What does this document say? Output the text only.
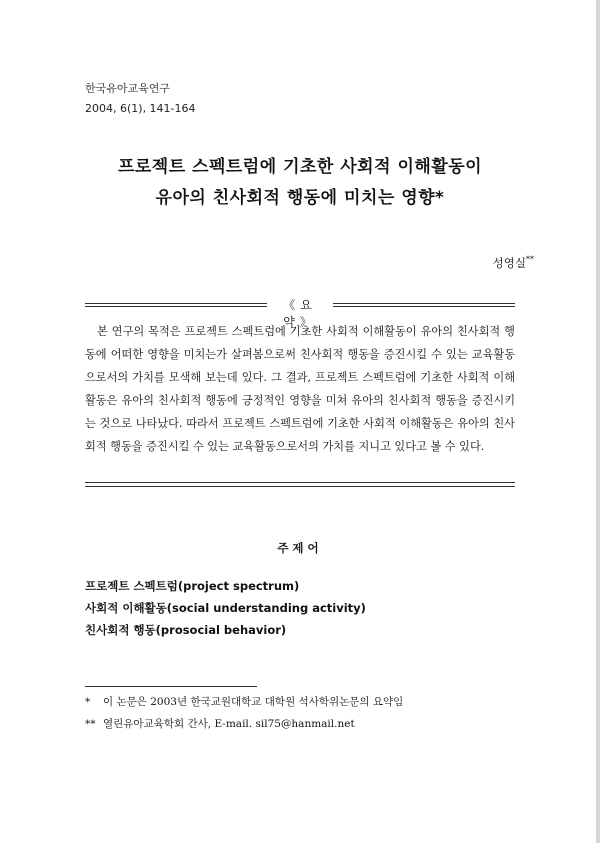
한국유아교육연구
2004, 6(1), 141-164
프로젝트 스펙트럼에 기초한 사회적 이해활동이
유아의 친사회적 행동에 미치는 영향*
성영실**
《요 약》
본 연구의 목적은 프로젝트 스펙트럼에 기초한 사회적 이해활동이 유아의 친사회적 행동에 어떠한 영향을 미치는가 살펴봄으로써 친사회적 행동을 증진시킬 수 있는 교육활동으로서의 가치를 모색해 보는데 있다. 그 결과, 프로젝트 스펙트럼에 기초한 사회적 이해활동은 유아의 친사회적 행동에 긍정적인 영향을 미쳐 유아의 친사회적 행동을 증진시키는 것으로 나타났다. 따라서 프로젝트 스펙트럼에 기초한 사회적 이해활동은 유아의 친사회적 행동을 증진시킬 수 있는 교육활동으로서의 가치를 지니고 있다고 볼 수 있다.
주제어
프로젝트 스펙트럼(project spectrum)
사회적 이해활동(social understanding activity)
친사회적 행동(prosocial behavior)
* 이 논문은 2003년 한국교원대학교 대학원 석사학위논문의 요약임
** 열린유아교육학회 간사, E-mail. sil75@hanmail.net
